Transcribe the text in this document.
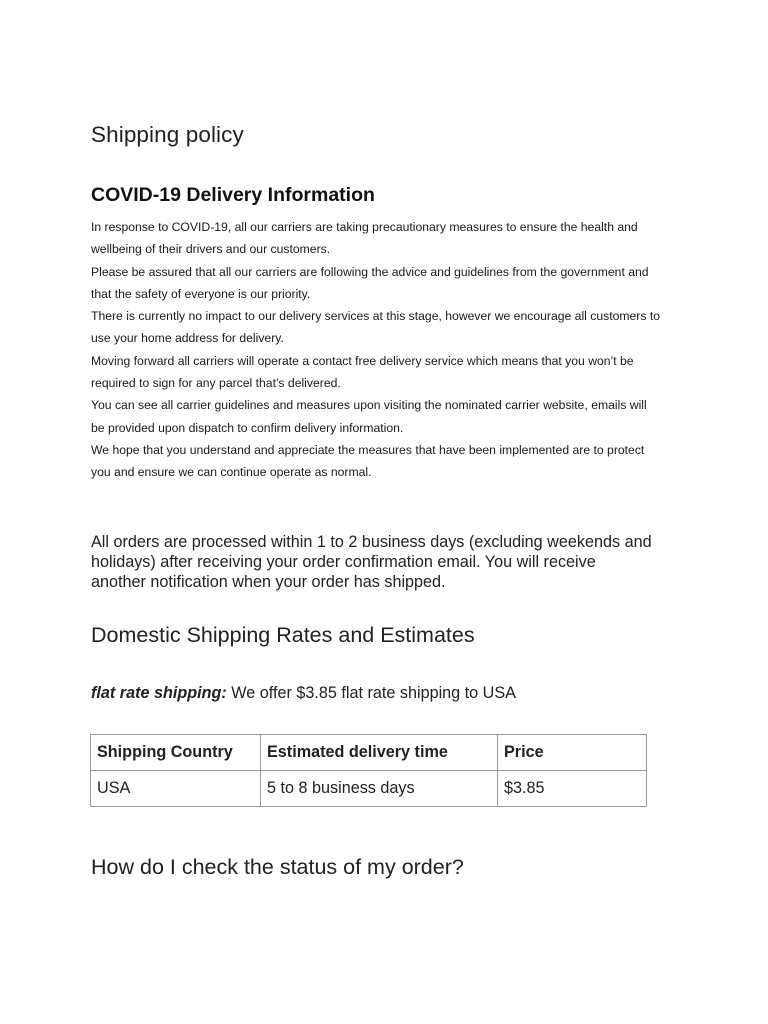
Shipping policy
COVID-19 Delivery Information
In response to COVID-19, all our carriers are taking precautionary measures to ensure the health and
wellbeing of their drivers and our customers.
Please be assured that all our carriers are following the advice and guidelines from the government and
that the safety of everyone is our priority.
There is currently no impact to our delivery services at this stage, however we encourage all customers to
use your home address for delivery.
Moving forward all carriers will operate a contact free delivery service which means that you won’t be
required to sign for any parcel that’s delivered.
You can see all carrier guidelines and measures upon visiting the nominated carrier website, emails will
be provided upon dispatch to confirm delivery information.
We hope that you understand and appreciate the measures that have been implemented are to protect
you and ensure we can continue operate as normal.
All orders are processed within 1 to 2 business days (excluding weekends and
holidays) after receiving your order confirmation email. You will receive
another notification when your order has shipped.
Domestic Shipping Rates and Estimates
flat rate shipping: We offer $3.85 flat rate shipping to USA
Shipping Country	Estimated delivery time	Price
USA	5 to 8 business days	$3.85
How do I check the status of my order?
